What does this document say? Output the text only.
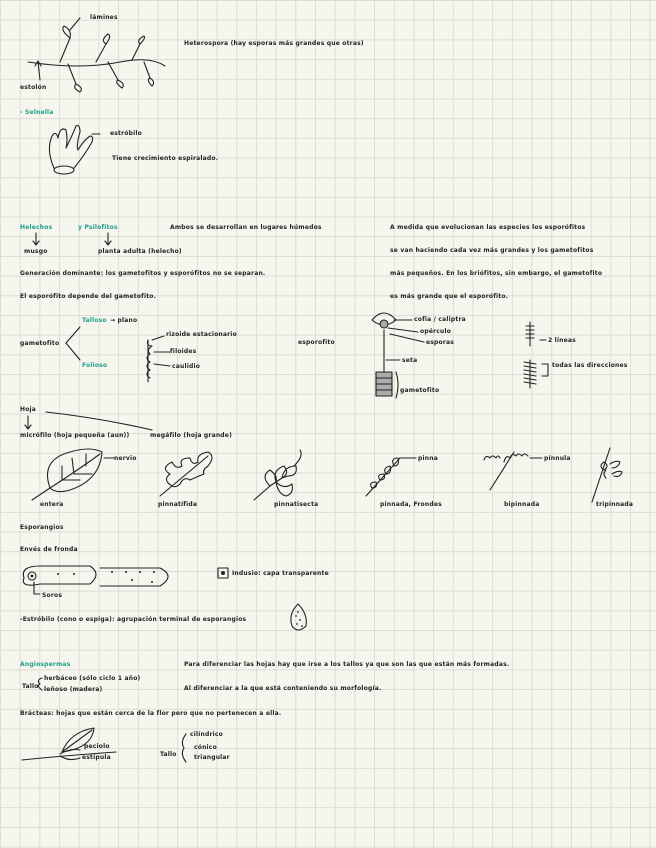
lámines
Heterospora (hay esporas más grandes que otras)
estolón
- Selnella
estróbilo
Tiene crecimiento espiralado.
Helechos	y Psilofitos	Ambos se desarrollan en lugares húmedos
musgo	planta adulta (helecho)
Generación dominante: los gametofitos y esporófitos no se separan.
El esporófito depende del gametofito.
A medida que evolucionan las especies los esporófitos
se van haciendo cada vez más grandes y los gametofitos
más pequeños. En los briófitos, sin embargo, el gametofito
es más grande que el esporófito.
gametofito
Talloso → plano
Folioso
rizoide estacionario
filoides
caulidio
esporofito
cofia / caliptra
opérculo
esporas
seta
gametofito
2 líneas
todas las direcciones
Hoja
micrófilo (hoja pequeña (aun))	megáfilo (hoja grande)
nervio	pinna	pínnula
entera	pinnatífida	pinnatisecta	pinnada, Frondes	bipinnada	tripinnada
Esporangios
Envés de fronda
Soros
Indusio: capa transparente
-Estróbilo (cono o espiga): agrupación terminal de esporangios
Angiospermas
Tallo
herbáceo (sólo ciclo 1 año)
leñoso (madera)
Para diferenciar las hojas hay que irse a los tallos ya que son las que están más formadas.
Al diferenciar a la que está conteniendo su morfología.
Brácteas: hojas que están cerca de la flor pero que no pertenecen a ella.
peciolo
estípula	Tallo
cilíndrico
cónico
triangular
